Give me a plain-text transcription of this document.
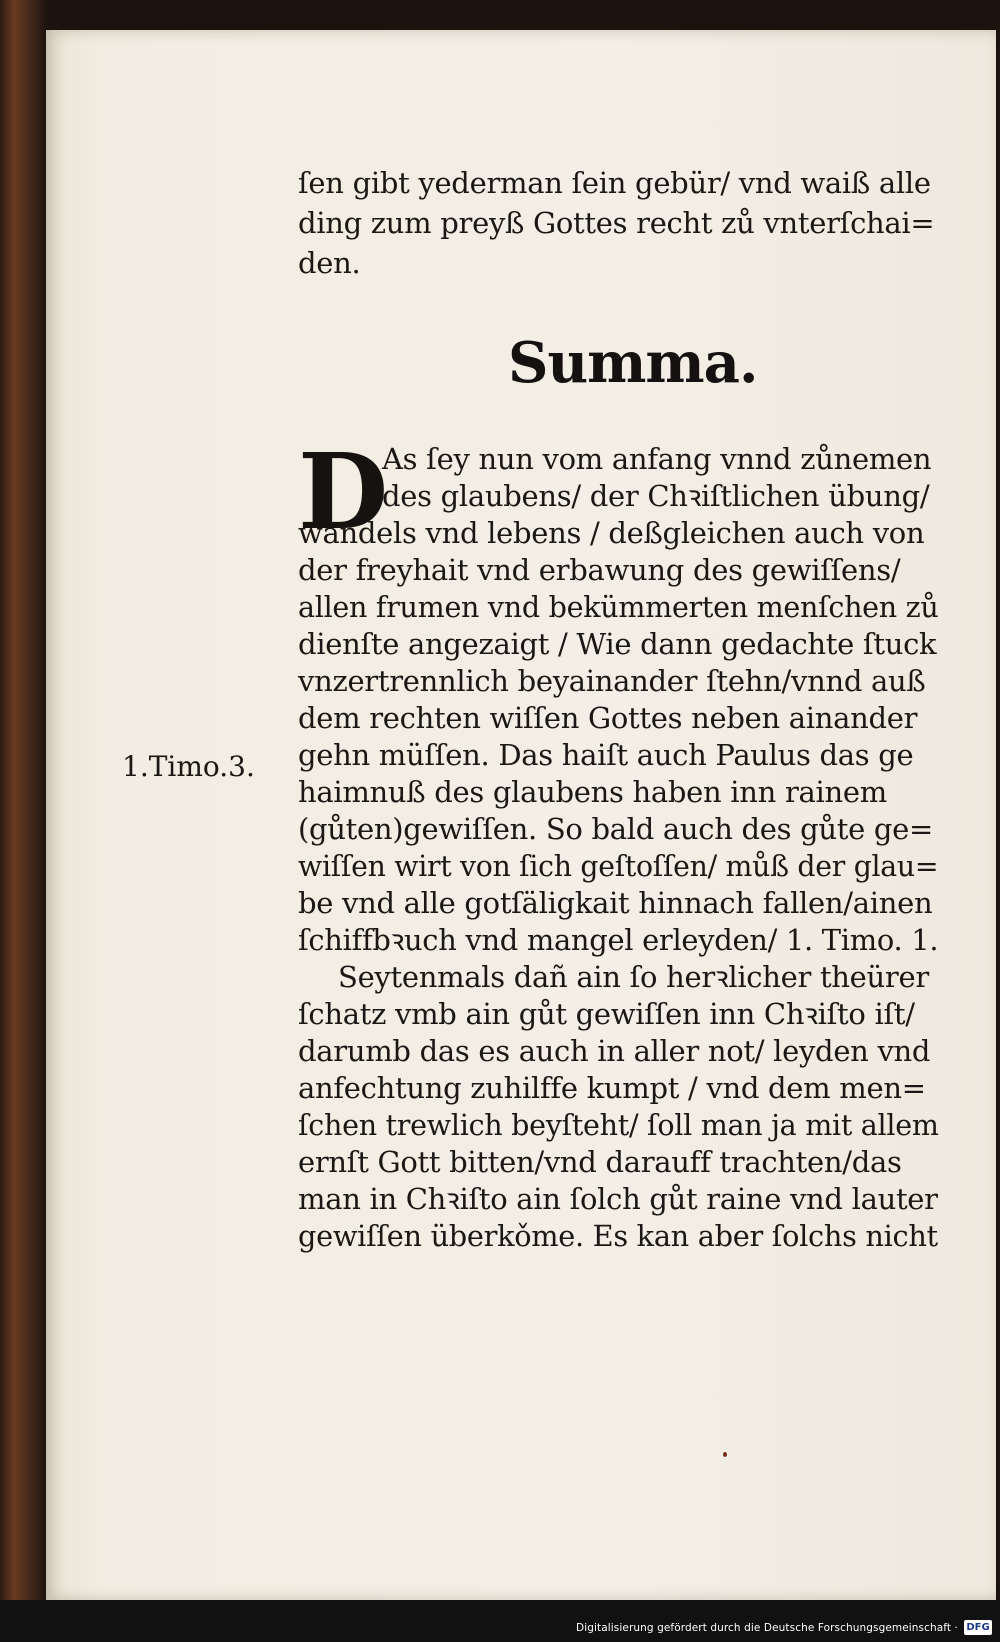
ſen gibt yederman ſein gebür/ vnd waiß alle
ding zum preyß Gottes recht zů vnterſchai=
den.
Summa.
D
As ſey nun vom anfang vnnd zůnemen
des glaubens/ der Chꝛiſtlichen übung/
wandels vnd lebens / deßgleichen auch von
der freyhait vnd erbawung des gewiſſens/
allen frumen vnd bekümmerten menſchen zů
dienſte angezaigt / Wie dann gedachte ſtuck
vnzertrennlich beyainander ſtehn/vnnd auß
dem rechten wiſſen Gottes neben ainander
gehn müſſen. Das haiſt auch Paulus das ge
haimnuß des glaubens haben inn rainem
(gůten)gewiſſen. So bald auch des gůte ge=
wiſſen wirt von ſich geſtoſſen/ můß der glau=
be vnd alle gotſäligkait hinnach fallen/ainen
ſchiffbꝛuch vnd mangel erleyden/ 1. Timo. 1.
Seytenmals dañ ain ſo herꝛlicher theürer
ſchatz vmb ain gůt gewiſſen inn Chꝛiſto iſt/
darumb das es auch in aller not/ leyden vnd
anfechtung zuhilffe kumpt / vnd dem men=
ſchen trewlich beyſteht/ ſoll man ja mit allem
ernſt Gott bitten/vnd darauff trachten/das
man in Chꝛiſto ain ſolch gůt raine vnd lauter
gewiſſen überkǒme. Es kan aber ſolchs nicht
1.Timo.3.
Digitalisierung gefördert durch die Deutsche Forschungsgemeinschaft · DFG
